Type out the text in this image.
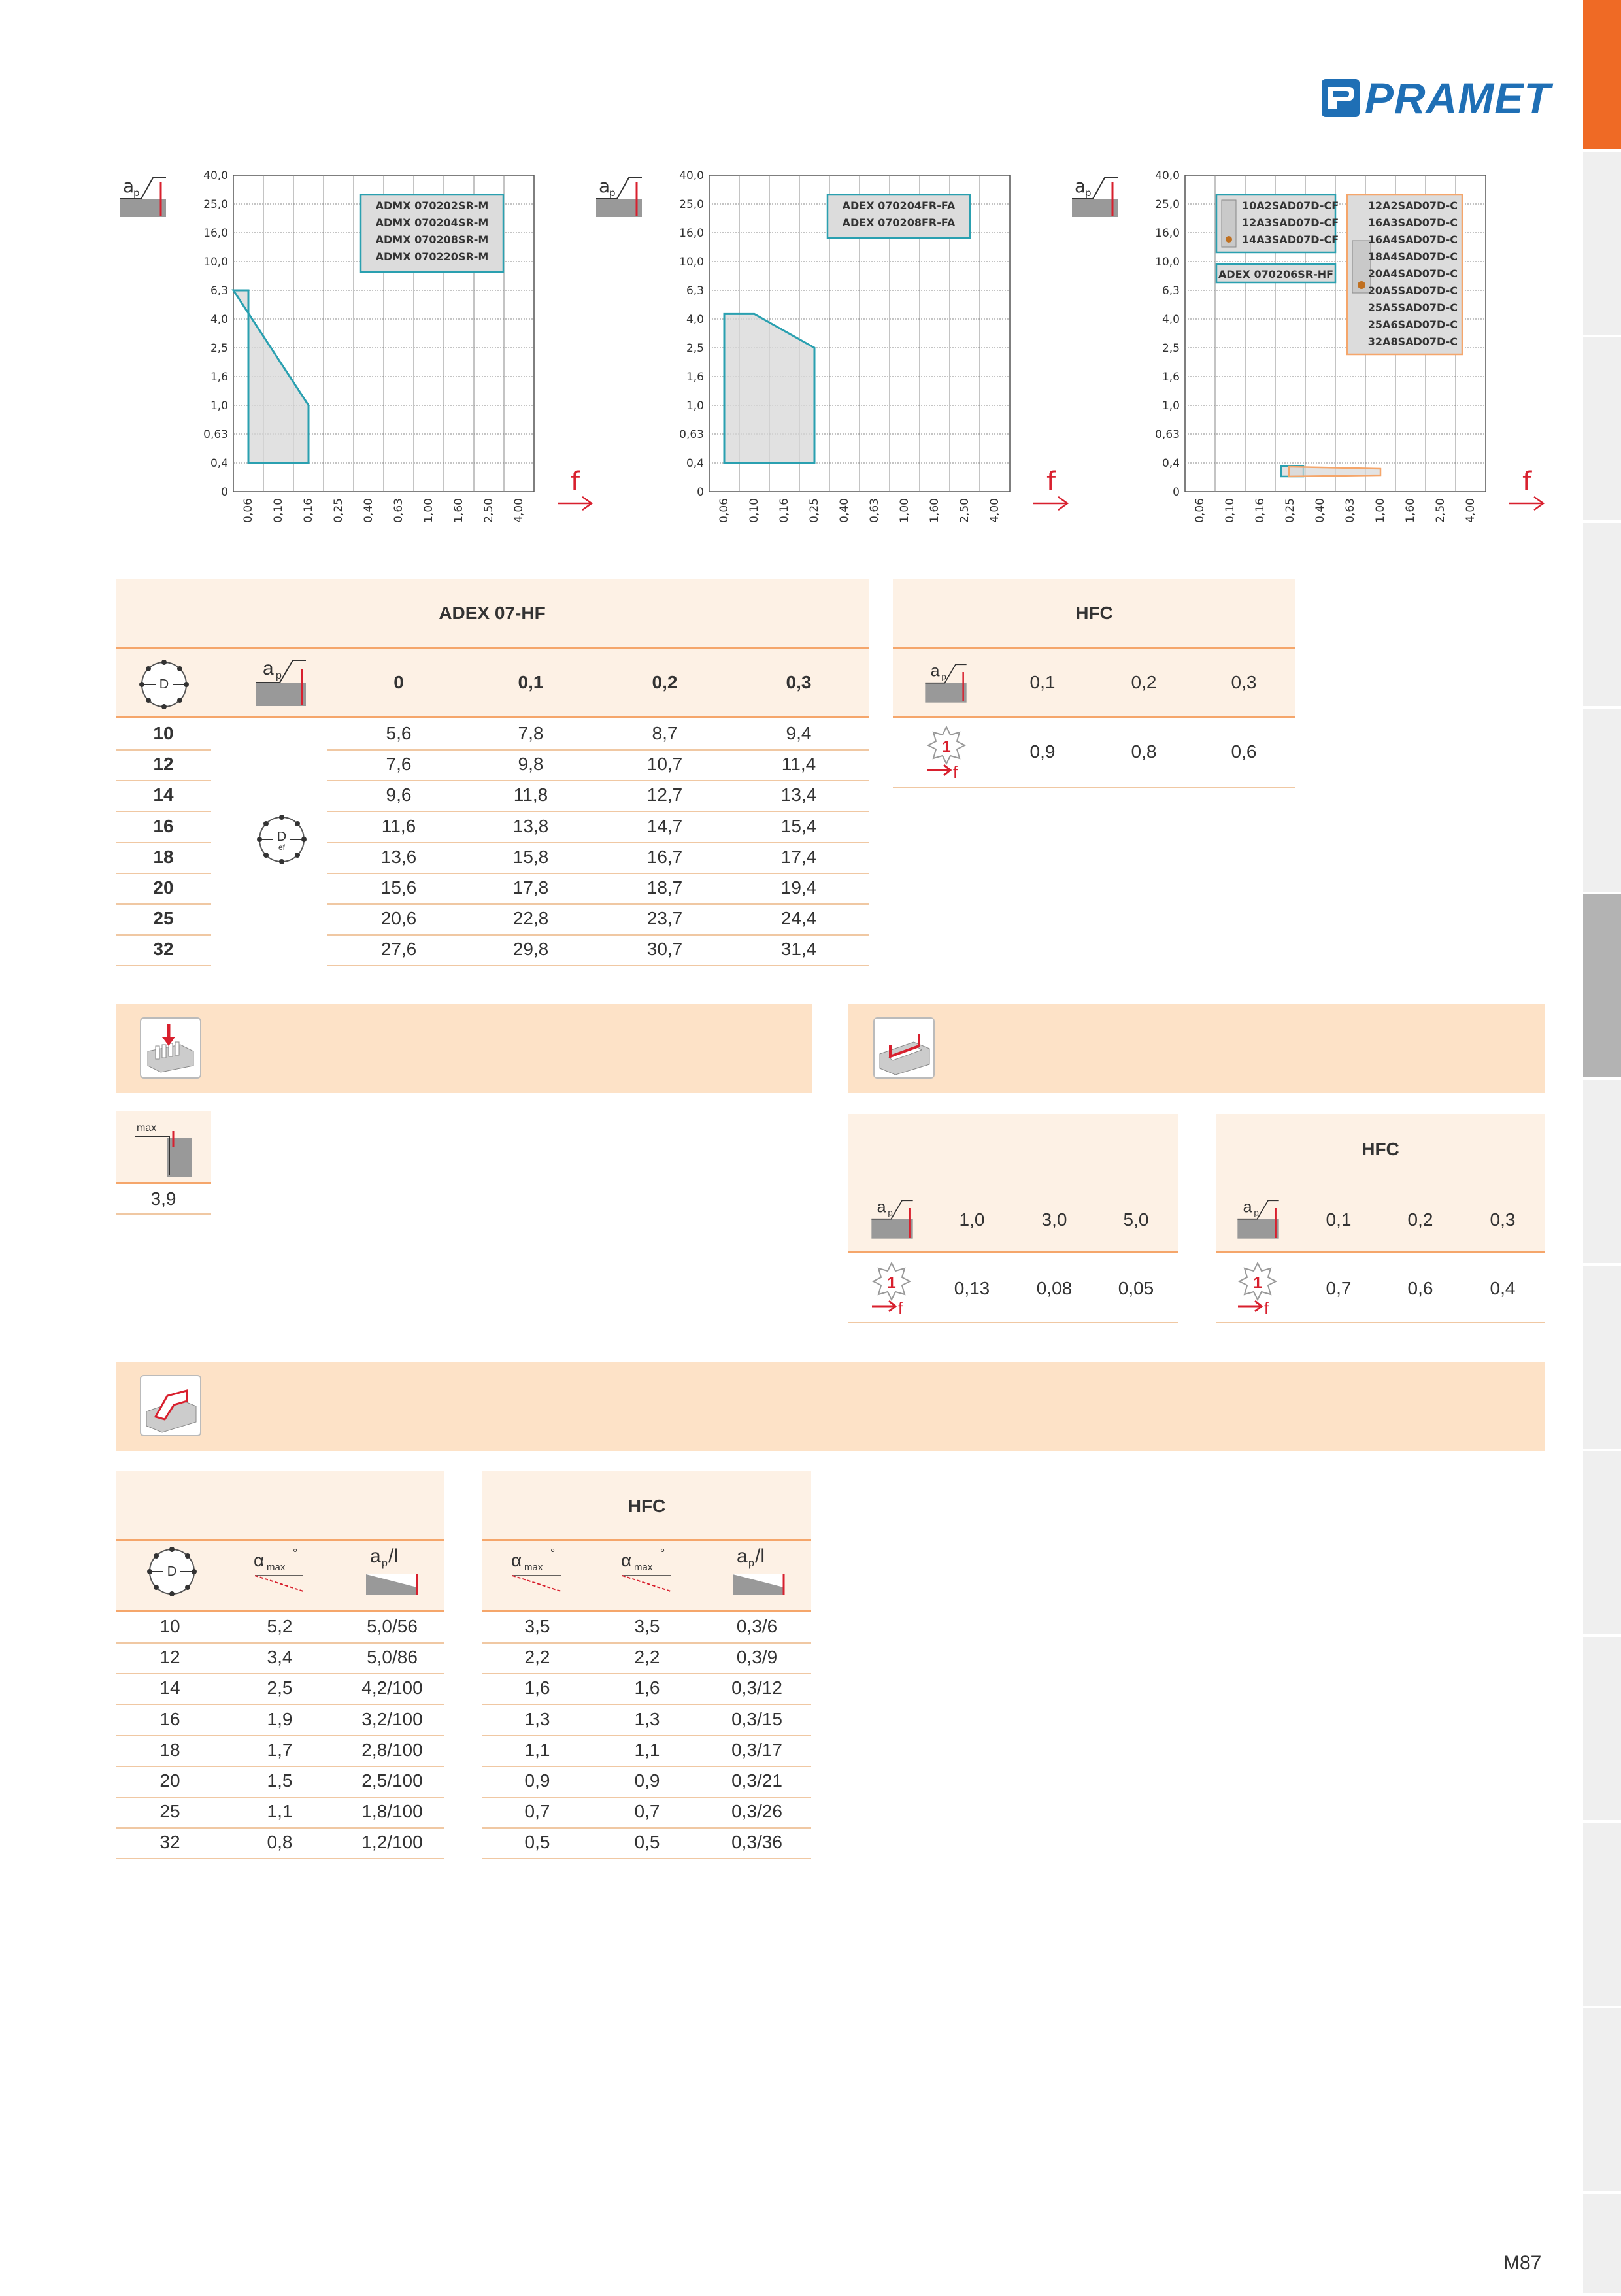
PRAMET
a
p
40,0
25,0
16,0
10,0
6,3
4,0
2,5
1,6
1,0
0,63
0,4
0
0,06 0,10 0,16 0,25 0,40 0,63 1,00 1,60 2,50 4,00
f
ADMX 070202SR-M
ADMX 070204SR-M
ADMX 070208SR-M
ADMX 070220SR-M
a
p
40,0
25,0
16,0
10,0
6,3
4,0
2,5
1,6
1,0
0,63
0,4
0
0,06 0,10 0,16 0,25 0,40 0,63 1,00 1,60 2,50 4,00
f
ADEX 070204FR-FA
ADEX 070208FR-FA
a
p
40,0
25,0
16,0
10,0
6,3
4,0
2,5
1,6
1,0
0,63
0,4
0
0,06 0,10 0,16 0,25 0,40 0,63 1,00 1,60 2,50 4,00
f
10A2SAD07D-CF
12A3SAD07D-CF
14A3SAD07D-CF
ADEX 070206SR-HF
12A2SAD07D-C
16A3SAD07D-C
16A4SAD07D-C
18A4SAD07D-C
20A4SAD07D-C
20A5SAD07D-C
25A5SAD07D-C
25A6SAD07D-C
32A8SAD07D-C
ADEX 07-HF
D
a p	0	0,1	0,2	0,3
10	5,6	7,8	8,7	9,4
12	7,6	9,8	10,7	11,4
14	9,6	11,8	12,7	13,4
16	11,6	13,8	14,7	15,4
18	13,6	15,8	16,7	17,4
20	15,6	17,8	18,7	19,4
25	20,6	22,8	23,7	24,4
32	27,6	29,8	30,7	31,4
D
ef
HFC
a p	0,1	0,2	0,3
1
f
0,9	0,8	0,6
max
3,9	a p	1,0	3,0	5,0
1
f
0,13	0,08	0,05
HFC
a p	0,1	0,2	0,3
1
f
0,7	0,6	0,4
D
α max
°	a p /l
10	5,2	5,0/56
12	3,4	5,0/86
14	2,5	4,2/100
16	1,9	3,2/100
18	1,7	2,8/100
20	1,5	2,5/100
25	1,1	1,8/100
32	0,8	1,2/100
HFC
α max
°	α max
°	a p /l
3,5	3,5	0,3/6
2,2	2,2	0,3/9
1,6	1,6	0,3/12
1,3	1,3	0,3/15
1,1	1,1	0,3/17
0,9	0,9	0,3/21
0,7	0,7	0,3/26
0,5	0,5	0,3/36
M87
